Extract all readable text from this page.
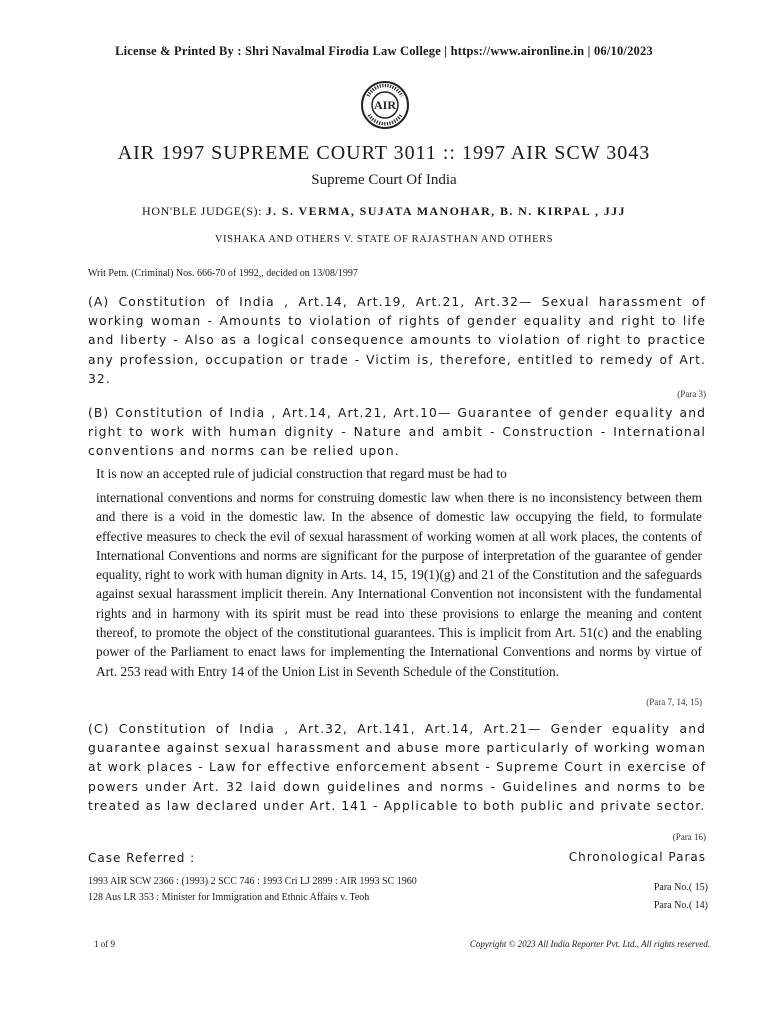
License & Printed By : Shri Navalmal Firodia Law College | https://www.aironline.in | 06/10/2023
AIR
AIR 1997 SUPREME COURT 3011 :: 1997 AIR SCW 3043
Supreme Court Of India
HON'BLE JUDGE(S): J. S. VERMA, SUJATA MANOHAR, B. N. KIRPAL , JJJ
VISHAKA AND OTHERS V. STATE OF RAJASTHAN AND OTHERS
Writ Petn. (Criminal) Nos. 666-70 of 1992,, decided on 13/08/1997
(A) Constitution of India , Art.14, Art.19, Art.21, Art.32— Sexual harassment of working woman - Amounts to violation of rights of gender equality and right to life and liberty - Also as a logical consequence amounts to violation of right to practice any profession, occupation or trade - Victim is, therefore, entitled to remedy of Art. 32.
(Para 3)
(B) Constitution of India , Art.14, Art.21, Art.10— Guarantee of gender equality and right to work with human dignity - Nature and ambit - Construction - International conventions and norms can be relied upon.
It is now an accepted rule of judicial construction that regard must be had to
international conventions and norms for construing domestic law when there is no inconsistency between them and there is a void in the domestic law. In the absence of domestic law occupying the field, to formulate effective measures to check the evil of sexual harassment of working women at all work places, the contents of International Conventions and norms are significant for the purpose of interpretation of the guarantee of gender equality, right to work with human dignity in Arts. 14, 15, 19(1)(g) and 21 of the Constitution and the safeguards against sexual harassment implicit therein. Any International Convention not inconsistent with the fundamental rights and in harmony with its spirit must be read into these provisions to enlarge the meaning and content thereof, to promote the object of the constitutional guarantees. This is implicit from Art. 51(c) and the enabling power of the Parliament to enact laws for implementing the International Conventions and norms by virtue of Art. 253 read with Entry 14 of the Union List in Seventh Schedule of the Constitution.
(Para 7, 14, 15)
(C) Constitution of India , Art.32, Art.141, Art.14, Art.21— Gender equality and guarantee against sexual harassment and abuse more particularly of working woman at work places - Law for effective enforcement absent - Supreme Court in exercise of powers under Art. 32 laid down guidelines and norms - Guidelines and norms to be treated as law declared under Art. 141 - Applicable to both public and private sector.
(Para 16)
Case Referred :	Chronological Paras
1993 AIR SCW 2366 : (1993) 2 SCC 746 : 1993 Cri LJ 2899 : AIR 1993 SC 1960
128 Aus LR 353 : Minister for Immigration and Ethnic Affairs v. Teoh
Para No.( 15)
Para No.( 14)
1 of 9	Copyright © 2023 All India Reporter Pvt. Ltd., All rights reserved.
